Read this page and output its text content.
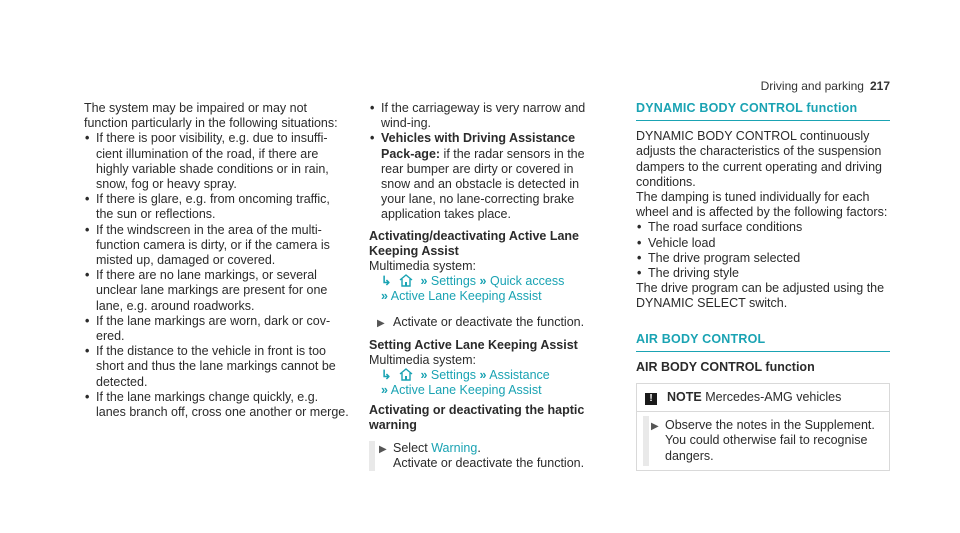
Driving and parking 217

The system may be impaired or may not function particularly in the following situations:

• If there is poor visibility, e.g. due to insuffi-cient illumination of the road, if there are highly variable shade conditions or in rain, snow, fog or heavy spray.
• If there is glare, e.g. from oncoming traffic, the sun or reflections.
• If the windscreen in the area of the multi-function camera is dirty, or if the camera is misted up, damaged or covered.
• If there are no lane markings, or several unclear lane markings are present for one lane, e.g. around roadworks.
• If the lane markings are worn, dark or cov-ered.
• If the distance to the vehicle in front is too short and thus the lane markings cannot be detected.
• If the lane markings change quickly, e.g. lanes branch off, cross one another or merge.
• If the carriageway is very narrow and wind-ing.
• Vehicles with Driving Assistance Pack-age: if the radar sensors in the rear bumper are dirty or covered in snow and an obstacle is detected in your lane, no lane-correcting brake application takes place.

Activating/deactivating Active Lane Keeping Assist

Multimedia system:

↳ » Settings » Quick access
» Active Lane Keeping Assist

▶ Activate or deactivate the function.

Setting Active Lane Keeping Assist

Multimedia system:

↳ » Settings » Assistance
» Active Lane Keeping Assist

Activating or deactivating the haptic warning

▶ Select Warning.
Activate or deactivate the function.
DYNAMIC BODY CONTROL function

DYNAMIC BODY CONTROL continuously adjusts the characteristics of the suspension dampers to the current operating and driving conditions.

The damping is tuned individually for each wheel and is affected by the following factors:

• The road surface conditions
• Vehicle load
• The drive program selected
• The driving style

The drive program can be adjusted using the DYNAMIC SELECT switch.

AIR BODY CONTROL

AIR BODY CONTROL function

! NOTE Mercedes-AMG vehicles
▶ Observe the notes in the Supplement. You could otherwise fail to recognise dangers.
